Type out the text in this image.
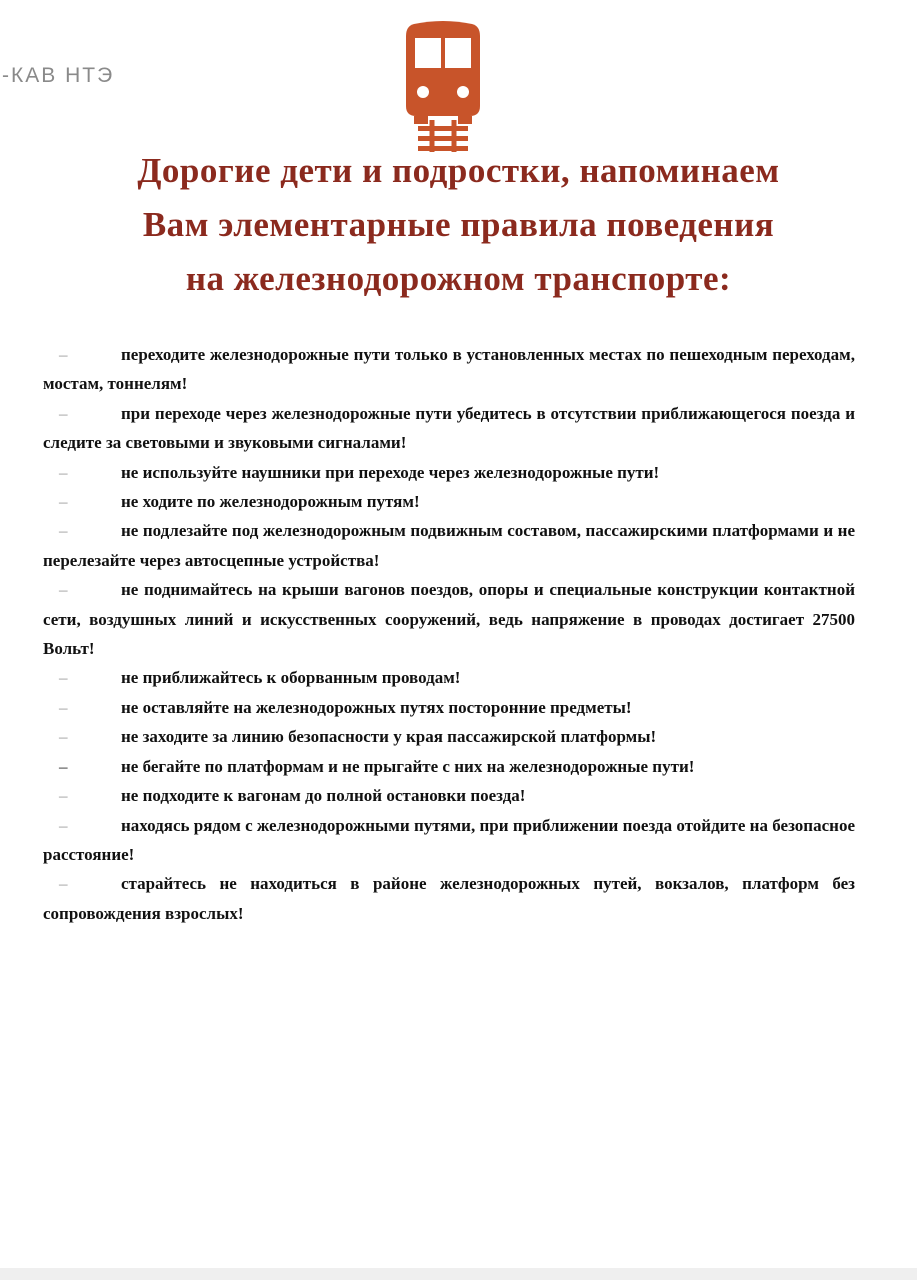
-КАВ НТЭ
Дорогие дети и подростки, напоминаем
Вам элементарные правила поведения
на железнодорожном транспорте:
–	переходите железнодорожные пути только в установленных местах по пешеходным переходам, мостам, тоннелям!
–	при переходе через железнодорожные пути убедитесь в отсутствии приближающегося поезда и следите за световыми и звуковыми сигналами!
–	не используйте наушники при переходе через железнодорожные пути!
–	не ходите по железнодорожным путям!
–	не подлезайте под железнодорожным подвижным составом, пассажирскими платформами и не перелезайте через автосцепные устройства!
–	не поднимайтесь на крыши вагонов поездов, опоры и специальные конструкции контактной сети, воздушных линий и искусственных сооружений, ведь напряжение в проводах достигает 27500 Вольт!
–	не приближайтесь к оборванным проводам!
–	не оставляйте на железнодорожных путях посторонние предметы!
–	не заходите за линию безопасности у края пассажирской платформы!
–	не бегайте по платформам и не прыгайте с них на железнодорожные пути!
–	не подходите к вагонам до полной остановки поезда!
–	находясь рядом с железнодорожными путями, при приближении поезда отойдите на безопасное расстояние!
–	старайтесь не находиться в районе железнодорожных путей, вокзалов, платформ без сопровождения взрослых!
